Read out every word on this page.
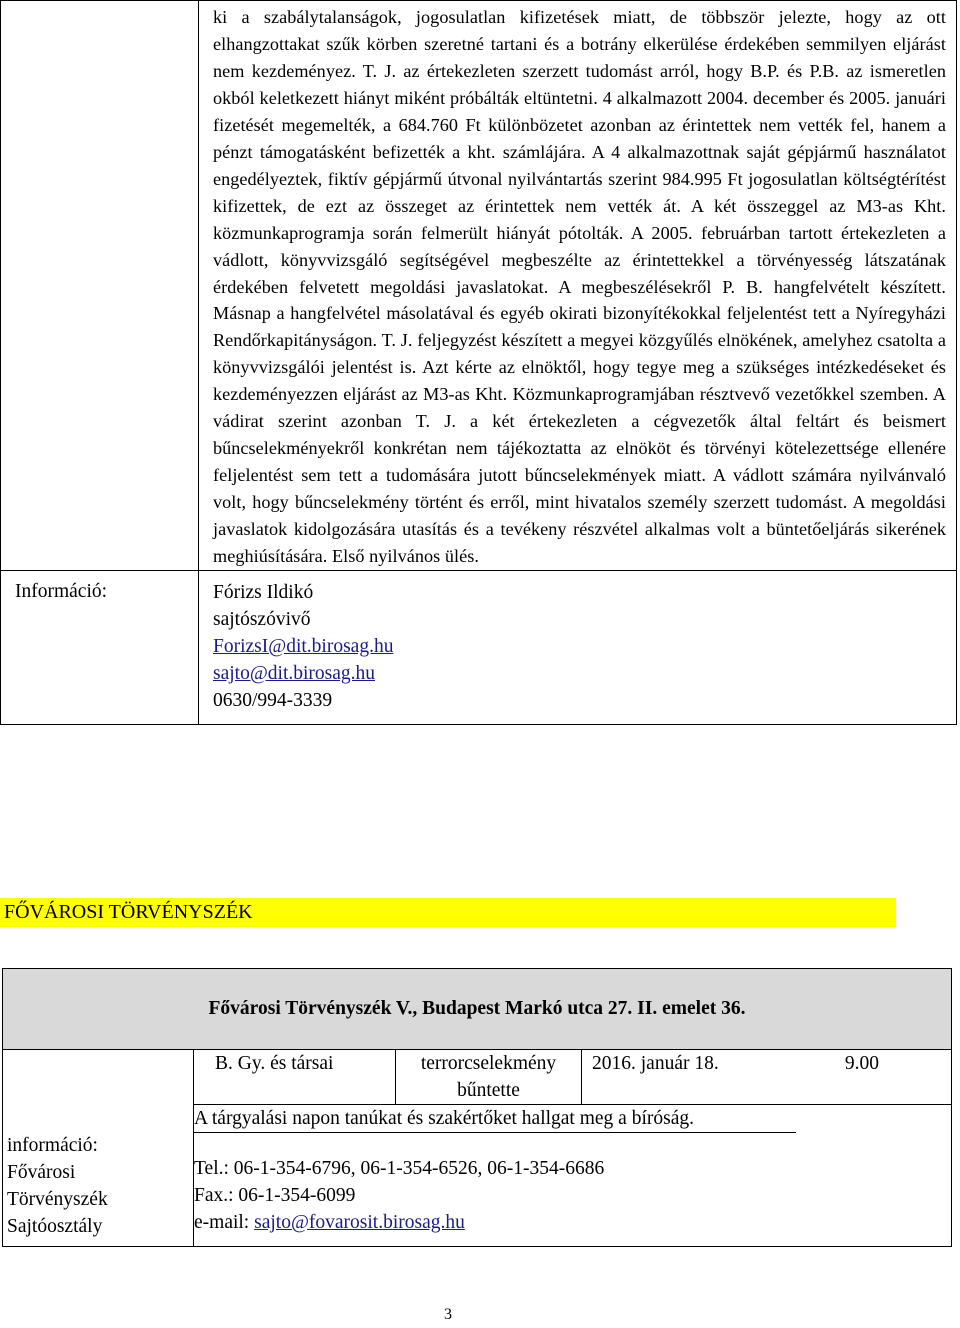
	ki a szabálytalanságok, jogosulatlan kifizetések miatt, de többször jelezte, hogy az ott elhangzottakat szűk körben szeretné tartani és a botrány elkerülése érdekében semmilyen eljárást nem kezdeményez. T. J. az értekezleten szerzett tudomást arról, hogy B.P. és P.B. az ismeretlen okból keletkezett hiányt miként próbálták eltüntetni. 4 alkalmazott 2004. december és 2005. januári fizetését megemelték, a 684.760 Ft különbözetet azonban az érintettek nem vették fel, hanem a pénzt támogatásként befizették a kht. számlájára. A 4 alkalmazottnak saját gépjármű használatot engedélyeztek, fiktív gépjármű útvonal nyilvántartás szerint 984.995 Ft jogosulatlan költségtérítést kifizettek, de ezt az összeget az érintettek nem vették át. A két összeggel az M3-as Kht. közmunkaprogramja során felmerült hiányát pótolták. A 2005. februárban tartott értekezleten a vádlott, könyvvizsgáló segítségével megbeszélte az érintettekkel a törvényesség látszatának érdekében felvetett megoldási javaslatokat. A megbeszélésekről P. B. hangfelvételt készített. Másnap a hangfelvétel másolatával és egyéb okirati bizonyítékokkal feljelentést tett a Nyíregyházi Rendőrkapitányságon. T. J. feljegyzést készített a megyei közgyűlés elnökének, amelyhez csatolta a könyvvizsgálói jelentést is. Azt kérte az elnöktől, hogy tegye meg a szükséges intézkedéseket és kezdeményezzen eljárást az M3-as Kht. Közmunkaprogramjában résztvevő vezetőkkel szemben. A vádirat szerint azonban T. J. a két értekezleten a cégvezetők által feltárt és beismert bűncselekményekről konkrétan nem tájékoztatta az elnököt és törvényi kötelezettsége ellenére feljelentést sem tett a tudomására jutott bűncselekmények miatt. A vádlott számára nyilvánvaló volt, hogy bűncselekmény történt és erről, mint hivatalos személy szerzett tudomást. A megoldási javaslatok kidolgozására utasítás és a tevékeny részvétel alkalmas volt a büntetőeljárás sikerének meghiúsítására. Első nyilvános ülés.

Információ:	Fórizs Ildikó
sajtószóvivő
ForizsI@dit.birosag.hu
sajto@dit.birosag.hu
0630/994-3339
FŐVÁROSI TÖRVÉNYSZÉK
Fővárosi Törvényszék V., Budapest Markó utca 27. II. emelet 36.

információ:
Fővárosi
Törvényszék
Sajtóosztály

B. Gy. és társai	terrorcselekmény bűntette	2016. január 18.	9.00
A tárgyalási napon tanúkat és szakértőket hallgat meg a bíróság.
Tel.: 06-1-354-6796, 06-1-354-6526, 06-1-354-6686
Fax.: 06-1-354-6099
e-mail: sajto@fovarosit.birosag.hu
3
